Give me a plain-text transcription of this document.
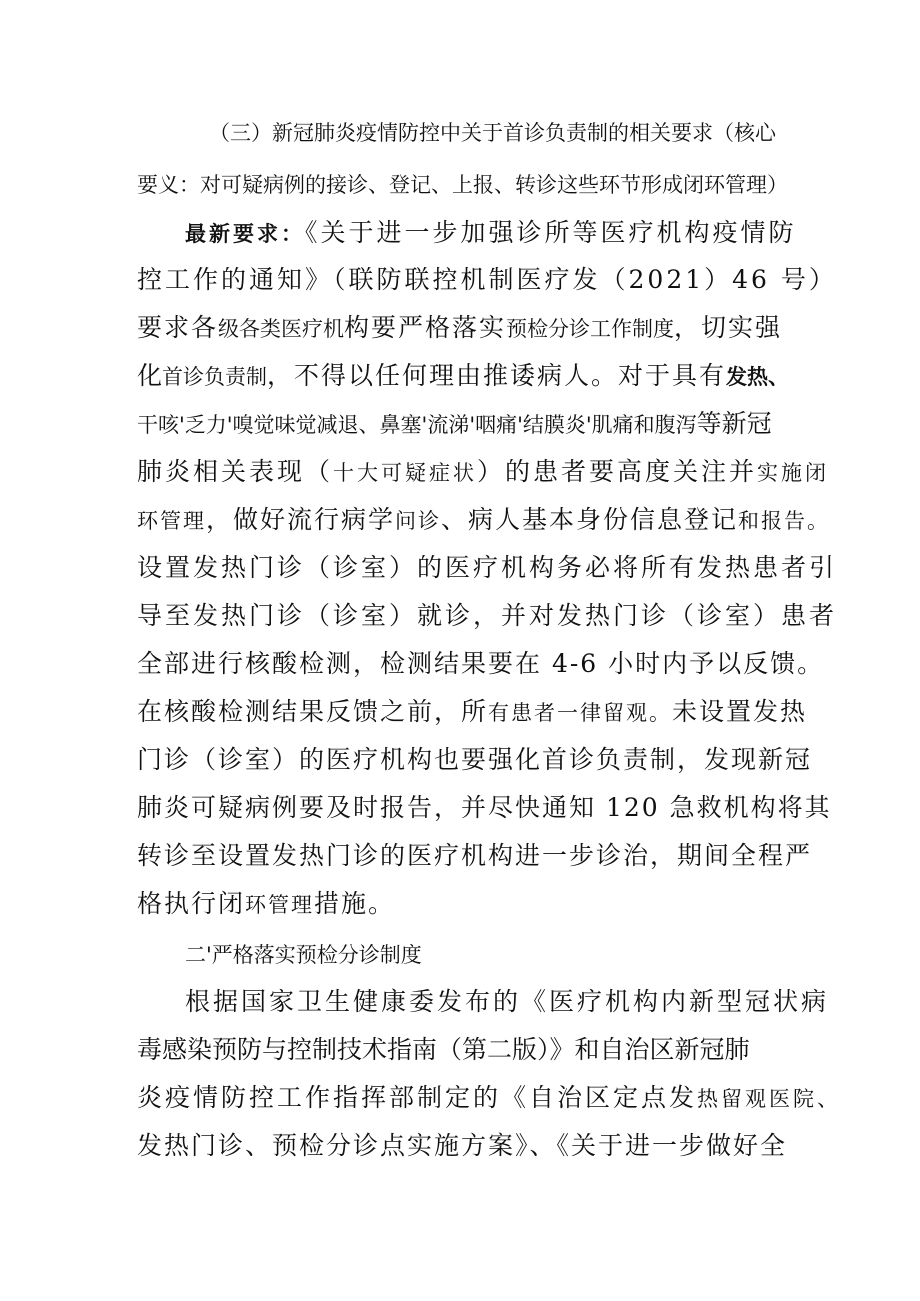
（三）新冠肺炎疫情防控中关于首诊负责制的相关要求（核心
要义：对可疑病例的接诊、登记、上报、转诊这些环节形成闭环管理）
最新要求：《关于进一步加强诊所等医疗机构疫情防
控工作的通知》（联防联控机制医疗发（2021）46 号）
要求各级各类医疗机构要严格落实预检分诊工作制度，切实强
化首诊负责制，不得以任何理由推诿病人。对于具有发热、
干咳'乏力'嗅觉味觉减退、鼻塞'流涕'咽痛'结膜炎'肌痛和腹泻等新冠
肺炎相关表现（十大可疑症状）的患者要高度关注并实施闭
环管理，做好流行病学问诊、病人基本身份信息登记和报告。
设置发热门诊（诊室）的医疗机构务必将所有发热患者引
导至发热门诊（诊室）就诊，并对发热门诊（诊室）患者
全部进行核酸检测，检测结果要在 4-6 小时内予以反馈。
在核酸检测结果反馈之前，所有患者一律留观。未设置发热
门诊（诊室）的医疗机构也要强化首诊负责制，发现新冠
肺炎可疑病例要及时报告，并尽快通知 120 急救机构将其
转诊至设置发热门诊的医疗机构进一步诊治，期间全程严
格执行闭环管理措施。
二'严格落实预检分诊制度
根据国家卫生健康委发布的《医疗机构内新型冠状病
毒感染预防与控制技术指南（第二版）》和自治区新冠肺
炎疫情防控工作指挥部制定的《自治区定点发热留观医院、
发热门诊、预检分诊点实施方案》、《关于进一步做好全
